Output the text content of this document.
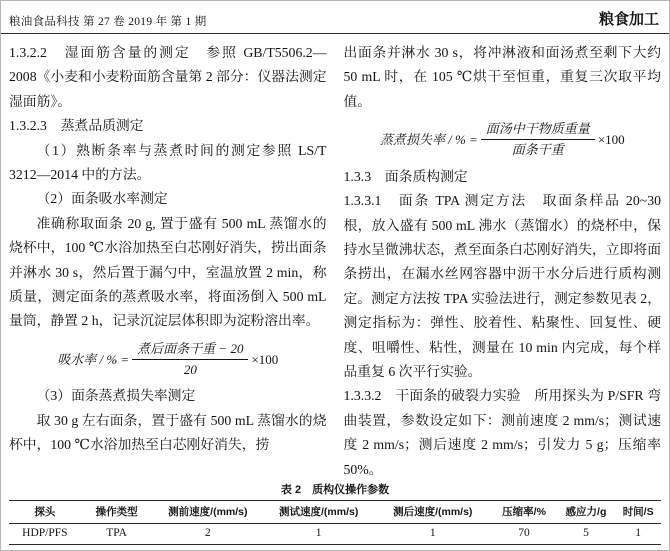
粮油食品科技 第 27 卷 2019 年 第 1 期	粮食加工

1.3.2.2　湿面筋含量的测定　参照 GB/T5506.2—2008《小麦和小麦粉面筋含量第 2 部分：仪器法测定湿面筋》。

1.3.2.3　蒸煮品质测定

（1）熟断条率与蒸煮时间的测定参照 LS/T 3212—2014 中的方法。

（2）面条吸水率测定

准确称取面条 20 g, 置于盛有 500 mL 蒸馏水的烧杯中，100 ℃水浴加热至白芯刚好消失，捞出面条并淋水 30 s，然后置于漏勺中，室温放置 2 min，称质量，测定面条的蒸煮吸水率，将面汤倒入 500 mL 量筒，静置 2 h，记录沉淀层体积即为淀粉溶出率。

吸水率 / % = $\frac{\text{煮后面条干重 − 20}}{20} \times 100$

（3）面条蒸煮损失率测定

取 30 g 左右面条，置于盛有 500 mL 蒸馏水的烧杯中，100 ℃水浴加热至白芯刚好消失，捞

出面条并淋水 30 s，将冲淋液和面汤煮至剩下大约 50 mL 时，在 105 ℃烘干至恒重，重复三次取平均值。

蒸煮损失率 / % = $\frac{\text{面汤中干物质重量}}{\text{面条干重}} \times 100$

1.3.3　面条质构测定

1.3.3.1　面条 TPA 测定方法　取面条样品 20~30 根，放入盛有 500 mL 沸水（蒸馏水）的烧杯中，保持水呈微沸状态，煮至面条白芯刚好消失，立即将面条捞出，在漏水丝网容器中沥干水分后进行质构测定。测定方法按 TPA 实验法进行，测定参数见表 2，测定指标为：弹性、胶着性、粘聚性、回复性、硬度、咀嚼性、粘性，测量在 10 min 内完成，每个样品重复 6 次平行实验。

1.3.3.2　干面条的破裂力实验　所用探头为 P/SFR 弯曲装置，参数设定如下：测前速度 2 mm/s；测试速度 2 mm/s；测后速度 2 mm/s；引发力 5 g；压缩率 50%。

表 2　质构仪操作参数
探头	操作类型	测前速度/(mm/s)	测试速度/(mm/s)	测后速度/(mm/s)	压缩率/%	感应力/g	时间/S
HDP/PFS	TPA	2	1	1	70	5	1
